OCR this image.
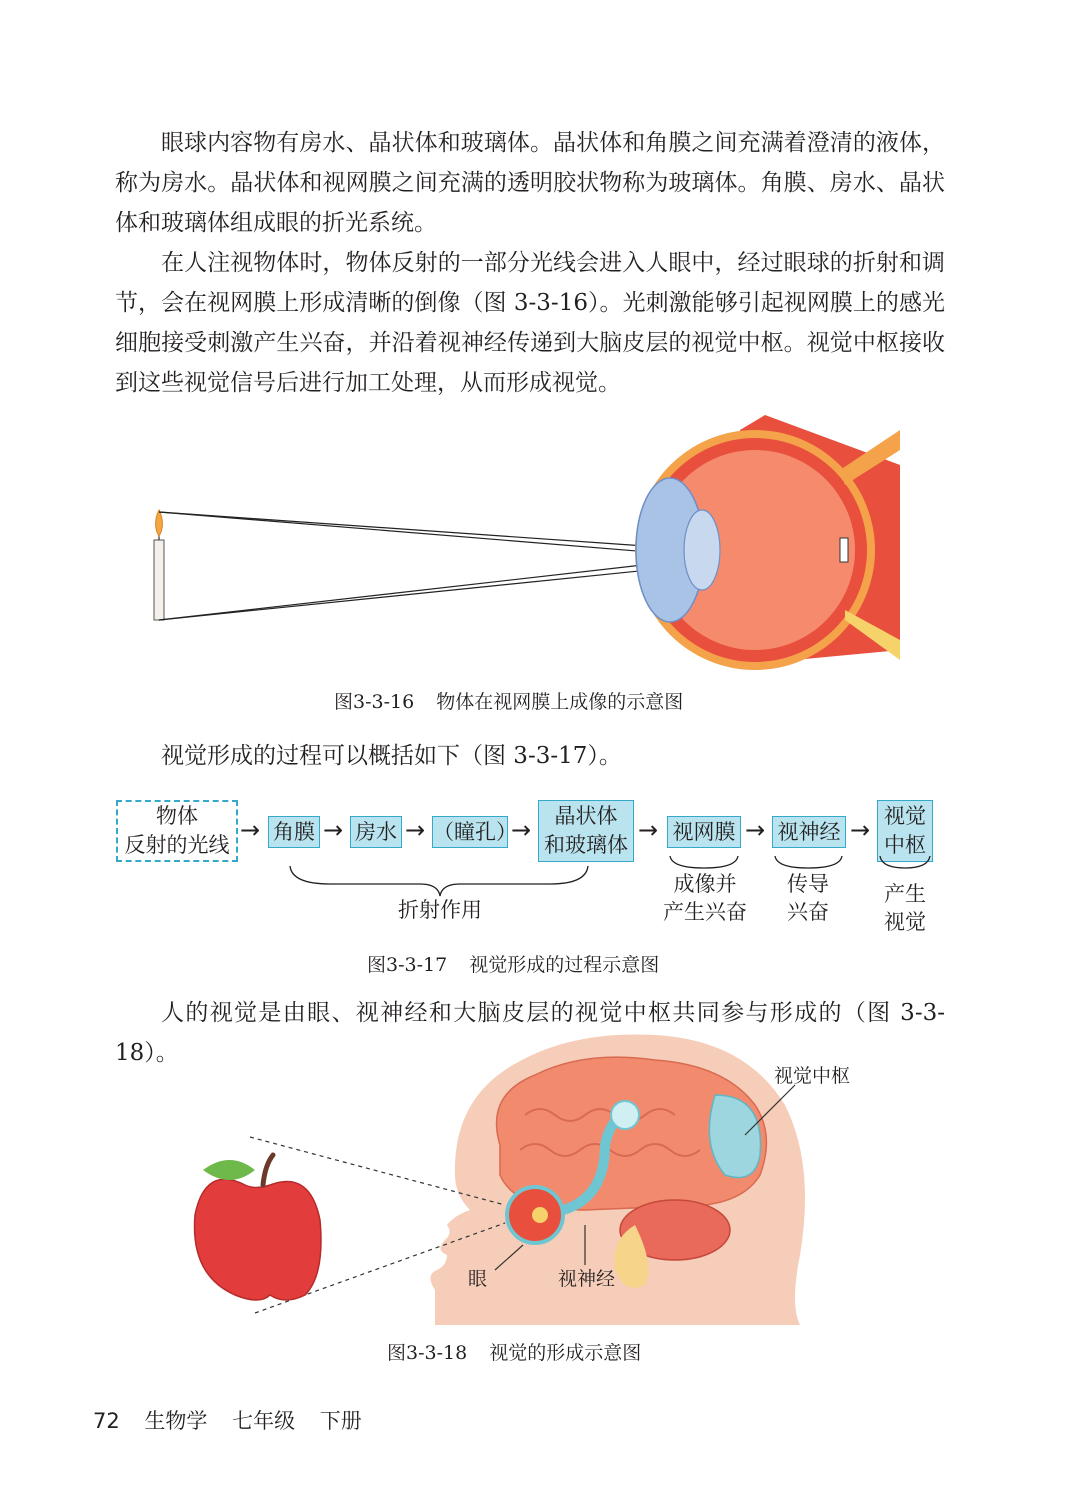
眼球内容物有房水、晶状体和玻璃体。晶状体和角膜之间充满着澄清的液体，称为房水。晶状体和视网膜之间充满的透明胶状物称为玻璃体。角膜、房水、晶状体和玻璃体组成眼的折光系统。

在人注视物体时，物体反射的一部分光线会进入人眼中，经过眼球的折射和调节，会在视网膜上形成清晰的倒像（图 3-3-16）。光刺激能够引起视网膜上的感光细胞接受刺激产生兴奋，并沿着视神经传递到大脑皮层的视觉中枢。视觉中枢接收到这些视觉信号后进行加工处理，从而形成视觉。

图3-3-16 物体在视网膜上成像的示意图

视觉形成的过程可以概括如下（图 3-3-17）。

物体
反射的光线
→ 角膜 → 房水 → （瞳孔）
→ 晶状体
和玻璃体
→ 视网膜 → 视神经 → 视觉
中枢
折射作用
成像并
产生兴奋
传导
兴奋
产生
视觉
图3-3-17 视觉形成的过程示意图

人的视觉是由眼、视神经和大脑皮层的视觉中枢共同参与形成的（图 3-3-18）。

视觉中枢
眼	视神经
图3-3-18 视觉的形成示意图
72 生物学 七年级 下册
